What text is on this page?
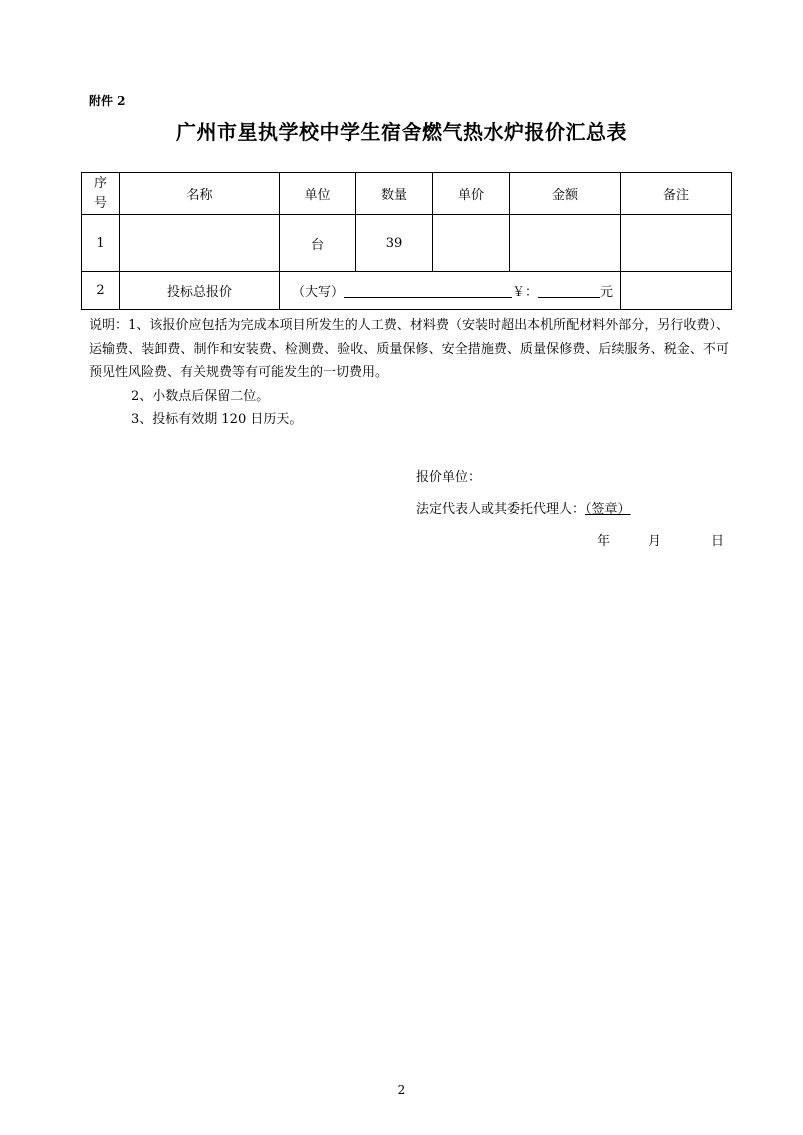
附件 2
广州市星执学校中学生宿舍燃气热水炉报价汇总表
序
号	名称	单位	数量	单价	金额	备注
1		台	39			
2	投标总报价	（大写） ￥： 元				

说明：1、该报价应包括为完成本项目所发生的人工费、材料费（安装时超出本机所配材料外部分，另行收费）、运输费、装卸费、制作和安装费、检测费、验收、质量保修、安全措施费、质量保修费、后续服务、税金、不可预见性风险费、有关规费等有可能发生的一切费用。

2、小数点后保留二位。

3、投标有效期 120 日历天。

报价单位：
法定代表人或其委托代理人：（签章）
年	月	日
2
